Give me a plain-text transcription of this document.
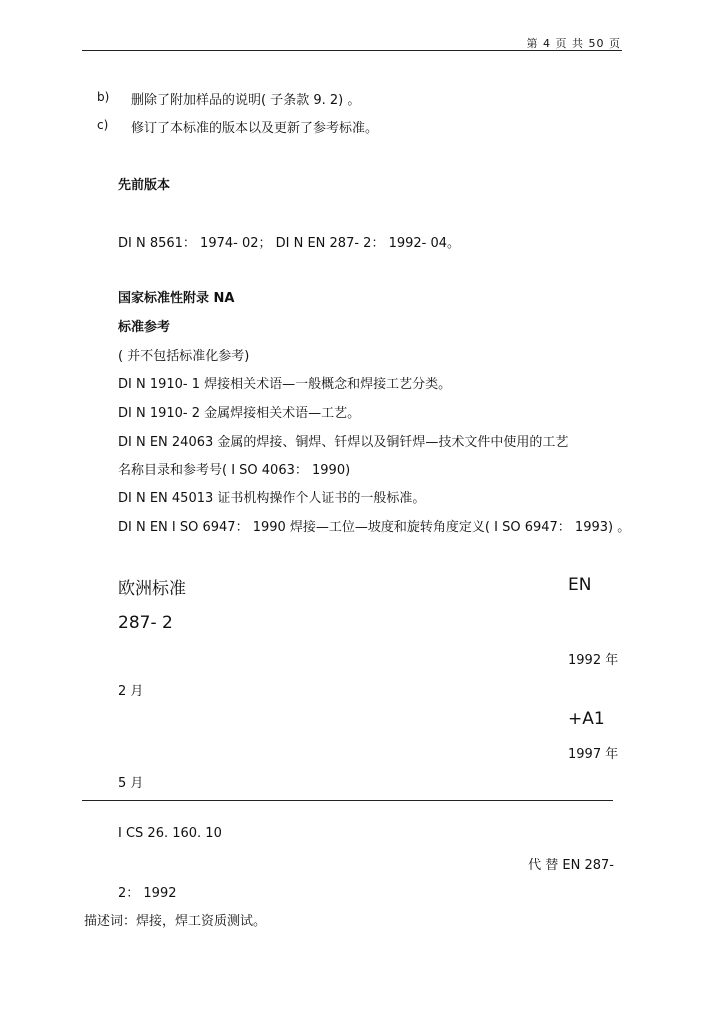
第 4 页 共 50 页
b) 删除了附加样品的说明( 子条款 9. 2) 。
c) 修订了本标准的版本以及更新了参考标准。
先前版本
DI N 8561： 1974- 02； DI N EN 287- 2： 1992- 04。
国家标准性附录 NA
标准参考
( 并不包括标准化参考)
DI N 1910- 1 焊接相关术语—一般概念和焊接工艺分类。
DI N 1910- 2 金属焊接相关术语—工艺。
DI N EN 24063 金属的焊接、铜焊、钎焊以及铜钎焊—技术文件中使用的工艺
名称目录和参考号( I SO 4063： 1990)
DI N EN 45013 证书机构操作个人证书的一般标准。
DI N EN I SO 6947： 1990 焊接—工位—坡度和旋转角度定义( I SO 6947： 1993) 。
欧洲标准	EN
287- 2
1992 年
2 月
+A1
1997 年
5 月
I CS 26. 160. 10
代 替 EN 287-
2： 1992
描述词：焊接，焊工资质测试。
